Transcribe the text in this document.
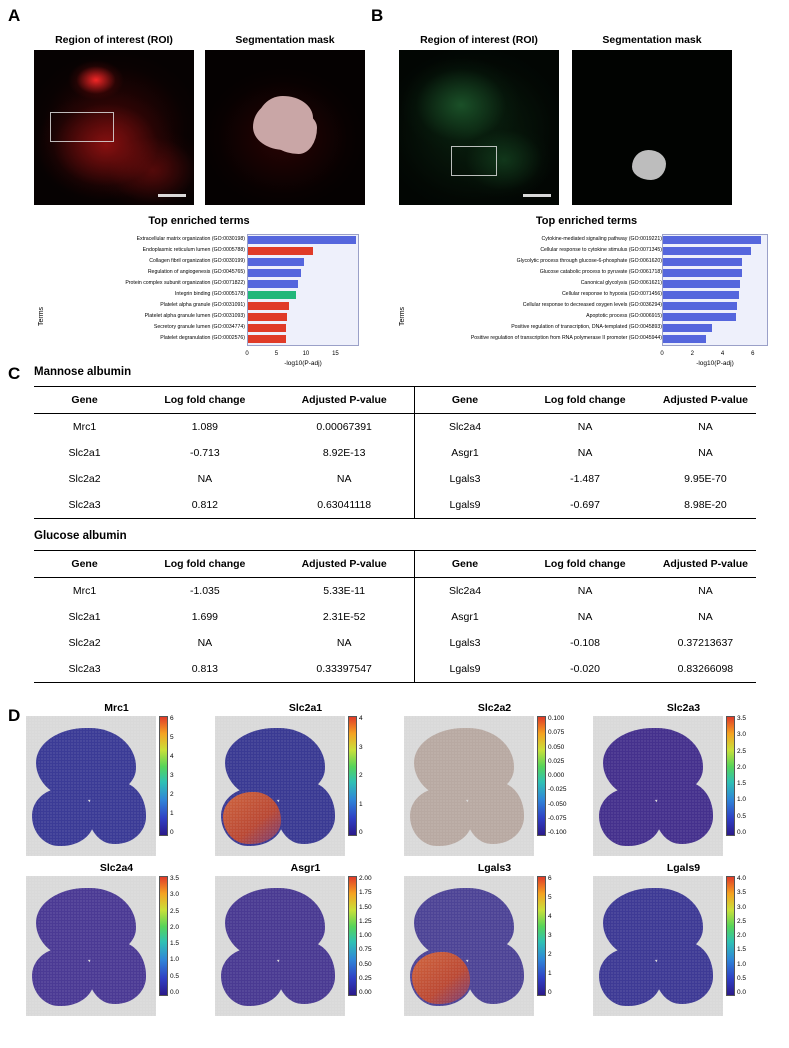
A
Region of interest (ROI)	Segmentation mask
Top enriched terms
Terms
Extracellular matrix organization (GO:0030198)
Endoplasmic reticulum lumen (GO:0005788)
Collagen fibril organization (GO:0030199)
Regulation of angiogenesis (GO:0045765)
Protein complex subunit organization (GO:0071822)
Integrin binding (GO:0005178)
Platelet alpha granule (GO:0031091)
Platelet alpha granule lumen (GO:0031093)
Secretory granule lumen (GO:0034774)
Platelet degranulation (GO:0002576)
0	5	10	15
-log10(P-adj)
B
Region of interest (ROI)	Segmentation mask
Top enriched terms
Terms
Cytokine-mediated signaling pathway (GO:0019221)
Cellular response to cytokine stimulus (GO:0071345)
Glycolytic process through glucose-6-phosphate (GO:0061620)
Glucose catabolic process to pyruvate (GO:0061718)
Canonical glycolysis (GO:0061621)
Cellular response to hypoxia (GO:0071456)
Cellular response to decreased oxygen levels (GO:0036294)
Apoptotic process (GO:0006915)
Positive regulation of transcription, DNA-templated (GO:0045893)
Positive regulation of transcription from RNA polymerase II promoter (GO:0045944)
0	2	4	6
-log10(P-adj)
C Mannose albumin
Gene	Log fold change	Adjusted P-value	Gene	Log fold change	Adjusted P-value
Mrc1	1.089	0.00067391	Slc2a4	NA	NA
Slc2a1	-0.713	8.92E-13	Asgr1	NA	NA
Slc2a2	NA	NA	Lgals3	-1.487	9.95E-70
Slc2a3	0.812	0.63041118	Lgals9	-0.697	8.98E-20
Glucose albumin
Gene	Log fold change	Adjusted P-value	Gene	Log fold change	Adjusted P-value
Mrc1	-1.035	5.33E-11	Slc2a4	NA	NA
Slc2a1	1.699	2.31E-52	Asgr1	NA	NA
Slc2a2	NA	NA	Lgals3	-0.108	0.37213637
Slc2a3	0.813	0.33397547	Lgals9	-0.020	0.83266098
D	Mrc1
6
5
4
3
2
1
0
Slc2a1
4
3
2
1
0
Slc2a2
0.100
0.075
0.050
0.025
0.000
-0.025
-0.050
-0.075
-0.100
Slc2a3
3.5
3.0
2.5
2.0
1.5
1.0
0.5
0.0
Slc2a4
3.5
3.0
2.5
2.0
1.5
1.0
0.5
0.0
Asgr1
2.00
1.75
1.50
1.25
1.00
0.75
0.50
0.25
0.00
Lgals3
6
5
4
3
2
1
0
Lgals9
4.0
3.5
3.0
2.5
2.0
1.5
1.0
0.5
0.0
